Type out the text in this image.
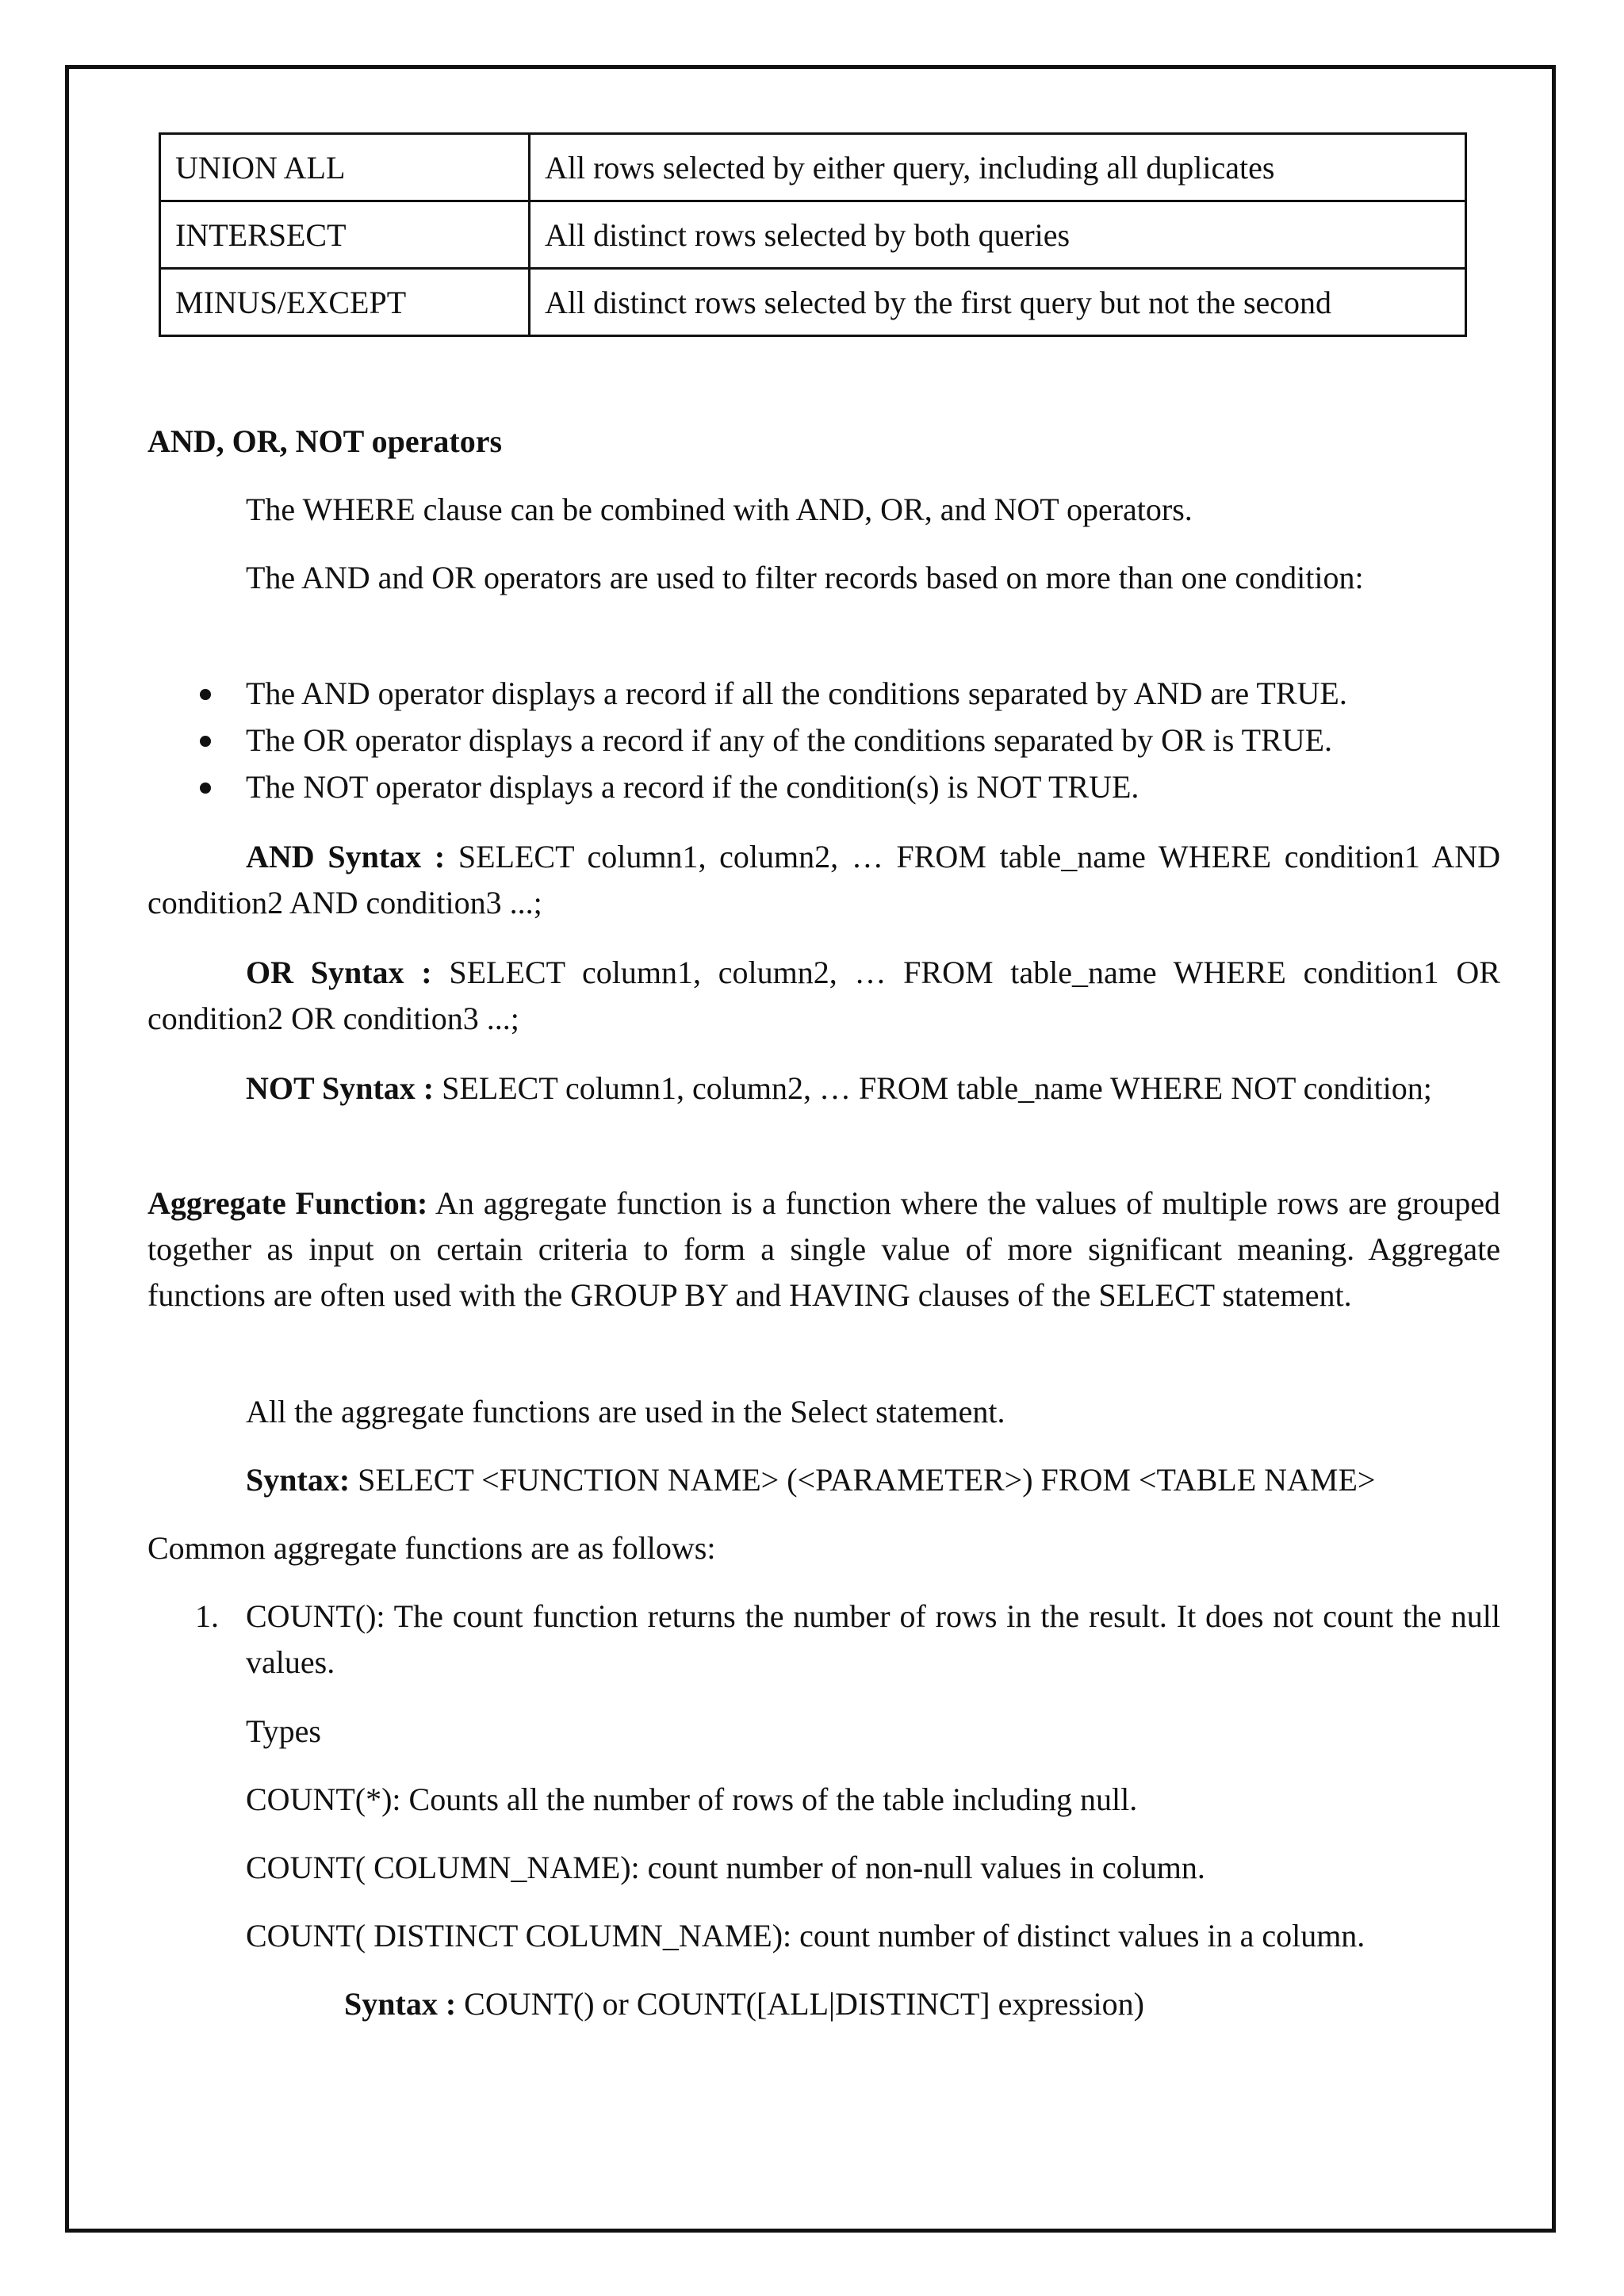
UNION ALL	All rows selected by either query, including all duplicates
INTERSECT	All distinct rows selected by both queries
MINUS/EXCEPT	All distinct rows selected by the first query but not the second
AND, OR, NOT operators
The WHERE clause can be combined with AND, OR, and NOT operators.
The AND and OR operators are used to filter records based on more than one condition:
The AND operator displays a record if all the conditions separated by AND are TRUE.
The OR operator displays a record if any of the conditions separated by OR is TRUE.
The NOT operator displays a record if the condition(s) is NOT TRUE.
AND Syntax : SELECT column1, column2, … FROM table_name WHERE condition1 AND condition2 AND condition3 ...;
OR Syntax : SELECT column1, column2, … FROM table_name WHERE condition1 OR condition2 OR condition3 ...;
NOT Syntax : SELECT column1, column2, … FROM table_name WHERE NOT condition;
Aggregate Function: An aggregate function is a function where the values of multiple rows are grouped together as input on certain criteria to form a single value of more significant meaning. Aggregate functions are often used with the GROUP BY and HAVING clauses of the SELECT statement.
All the aggregate functions are used in the Select statement.
Syntax: SELECT <FUNCTION NAME> (<PARAMETER>) FROM <TABLE NAME>
Common aggregate functions are as follows:
1. COUNT(): The count function returns the number of rows in the result. It does not count the null values.
Types
COUNT(*): Counts all the number of rows of the table including null.
COUNT( COLUMN_NAME): count number of non-null values in column.
COUNT( DISTINCT COLUMN_NAME): count number of distinct values in a column.
Syntax : COUNT() or COUNT([ALL|DISTINCT] expression)
